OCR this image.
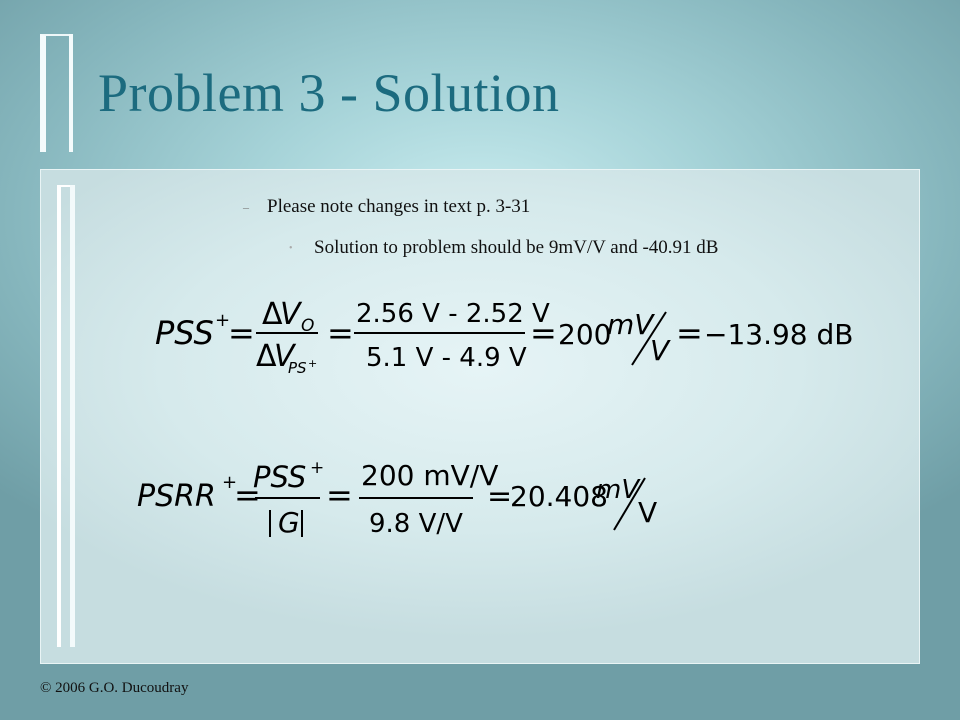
Problem 3 - Solution
– Please note changes in text p. 3-31
• Solution to problem should be 9mV/V and -40.91 dB
PSS +
= Δ
V O
Δ
V
PS +
= 2.56 V - 2.52 V
5.1 V - 4.9 V
= 200
mV
V = −13.98 dB
PSRR +
=
PSS +
G
=
200 mV/V
9.8 V/V
=
20.408
mV
V
© 2006 G.O. Ducoudray
